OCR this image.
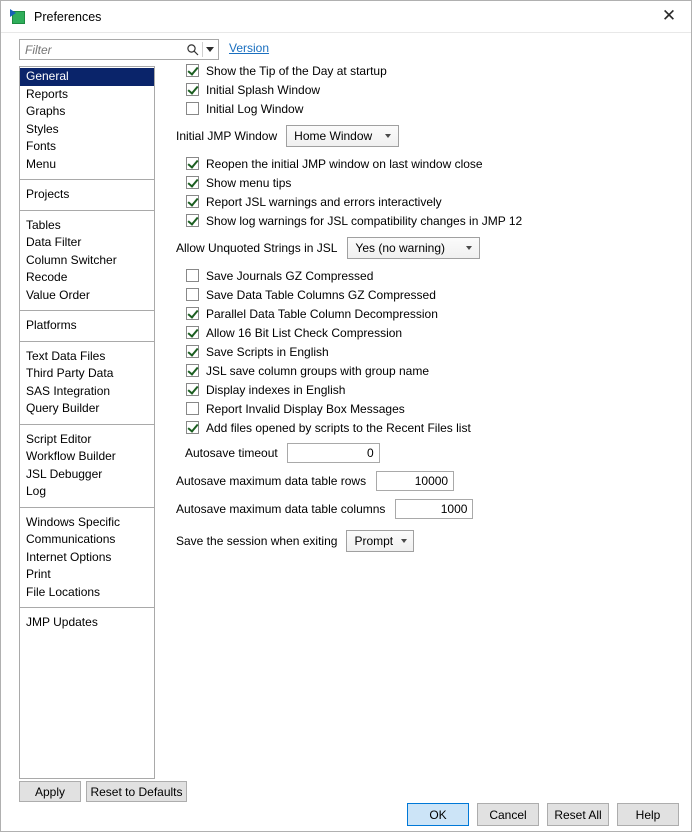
Preferences	✕
Filter
General
Reports
Graphs
Styles
Fonts
Menu
Projects
Tables
Data Filter
Column Switcher
Recode
Value Order
Platforms
Text Data Files
Third Party Data
SAS Integration
Query Builder
Script Editor
Workflow Builder
JSL Debugger
Log
Windows Specific
Communications
Internet Options
Print
File Locations
JMP Updates
Apply	Reset to Defaults
Version
Show the Tip of the Day at startup
Initial Splash Window
Initial Log Window
Initial JMP Window Home Window
Reopen the initial JMP window on last window close
Show menu tips
Report JSL warnings and errors interactively
Show log warnings for JSL compatibility changes in JMP 12
Allow Unquoted Strings in JSL Yes (no warning)
Save Journals GZ Compressed
Save Data Table Columns GZ Compressed
Parallel Data Table Column Decompression
Allow 16 Bit List Check Compression
Save Scripts in English
JSL save column groups with group name
Display indexes in English
Report Invalid Display Box Messages
Add files opened by scripts to the Recent Files list
Autosave timeout
0
Autosave maximum data table rows
10000
Autosave maximum data table columns
1000
Save the session when exiting Prompt
OK	Cancel	Reset All	Help
